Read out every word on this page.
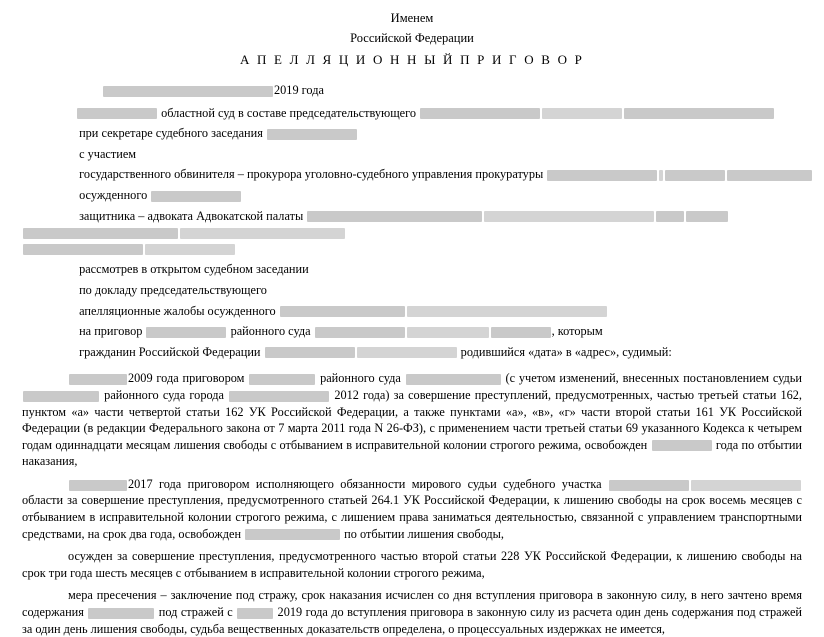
Именем
Российской Федерации
А П Е Л Л Я Ц И О Н Н Ы Й П Р И Г О В О Р
2019 года
областной суд в составе председательствующего
при секретаре судебного заседания
с участием
государственного обвинителя – прокурора уголовно-судебного управления прокуратуры
осужденного
защитника – адвоката Адвокатской палаты
рассмотрев в открытом судебном заседании
по докладу председательствующего
апелляционные жалобы осужденного
на приговор	районного суда	, которым
гражданин Российской Федерации	родившийся «дата» в «адрес», судимый:
2009 года приговором	районного суда	(с учетом изменений, внесенных постановлением судьи  районного суда города	2012 года) за совершение преступлений, предусмотренных, частью третьей статьи 162, пунктом «а» части четвертой статьи 162 УК Российской Федерации, а также пунктами «а», «в», «г» части второй статьи 161 УК Российской Федерации (в редакции Федерального закона от 7 марта 2011 года N 26-ФЗ), с применением части третьей статьи 69 указанного Кодекса к четырем годам одиннадцати месяцам лишения свободы с отбыванием в исправительной колонии строгого режима, освобожден	года по отбытии наказания,
2017 года приговором исполняющего обязанности мирового судьи судебного участка  области за совершение преступления, предусмотренного статьей 264.1 УК Российской Федерации, к лишению свободы на срок восемь месяцев с отбыванием в исправительной колонии строгого режима, с лишением права заниматься деятельностью, связанной с управлением транспортными средствами, на срок два года, освобожден	по отбытии лишения свободы,
осужден за совершение преступления, предусмотренного частью второй статьи 228 УК Российской Федерации, к лишению свободы на срок три года шесть месяцев с отбыванием в исправительной колонии строгого режима,
мера пресечения – заключение под стражу, срок наказания исчислен со дня вступления приговора в законную силу, в него зачтено время содержания	под стражей с	2019 года до вступления приговора в законную силу из расчета один день содержания под стражей за один день лишения свободы, судьба вещественных доказательств определена, о процессуальных издержках не имеется,
